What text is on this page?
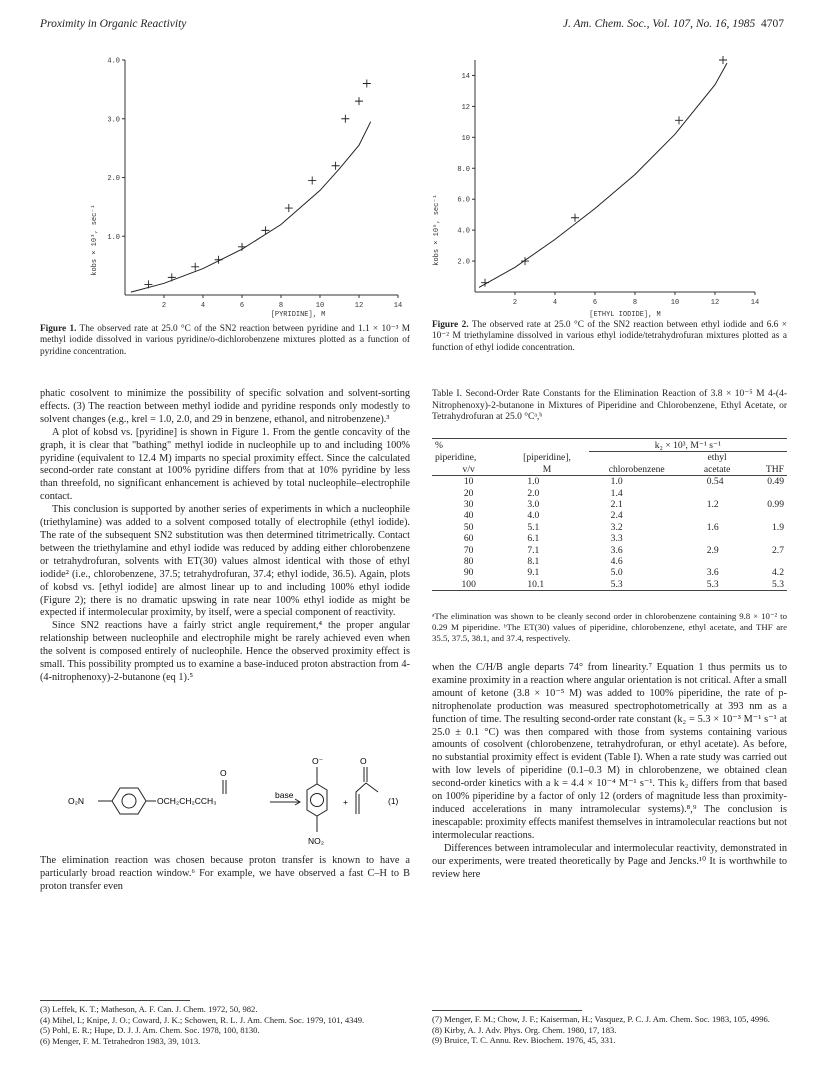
Proximity in Organic Reactivity	J. Am. Chem. Soc., Vol. 107, No. 16, 1985 4707
2	4	6	8	10	12	14
1.0
2.0
3.0
4.0
[PYRIDINE], M
kobs × 10³, sec⁻¹
Figure 1. The observed rate at 25.0 °C of the SN2 reaction between pyridine and 1.1 × 10⁻³ M methyl iodide dissolved in various pyridine/o-dichlorobenzene mixtures plotted as a function of pyridine concentration.
2	4	6	8	10	12	14
2.0
4.0
6.0
8.0
10
12
14
[ETHYL IODIDE], M
kobs × 10⁵, sec⁻¹
Figure 2. The observed rate at 25.0 °C of the SN2 reaction between ethyl iodide and 6.6 × 10⁻² M triethylamine dissolved in various ethyl iodide/tetrahydrofuran mixtures plotted as a function of ethyl iodide concentration.

phatic cosolvent to minimize the possibility of specific solvation and solvent-sorting effects. (3) The reaction between methyl iodide and pyridine responds only modestly to solvent changes (e.g., krel = 1.0, 2.0, and 29 in benzene, ethanol, and nitrobenzene).³

A plot of kobsd vs. [pyridine] is shown in Figure 1. From the gentle concavity of the graph, it is clear that "bathing" methyl iodide in nucleophile up to and including 100% pyridine (equivalent to 12.4 M) imparts no special proximity effect. Since the calculated second-order rate constant at 100% pyridine differs from that at 10% pyridine by less than threefold, no significant enhancement is achieved by total nucleophile–electrophile contact.

This conclusion is supported by another series of experiments in which a nucleophile (triethylamine) was added to a solvent composed totally of electrophile (ethyl iodide). The rate of the subsequent SN2 substitution was then determined titrimetrically. Contact between the triethylamine and ethyl iodide was reduced by adding either chlorobenzene or tetrahydrofuran, solvents with ET(30) values almost identical with those of ethyl iodide² (i.e., chlorobenzene, 37.5; tetrahydrofuran, 37.4; ethyl iodide, 36.5). Again, plots of kobsd vs. [ethyl iodide] are almost linear up to and including 100% ethyl iodide (Figure 2); there is no dramatic upswing in rate near 100% ethyl iodide as might be expected if intermolecular proximity, by itself, were a special component of reactivity.

Since SN2 reactions have a fairly strict angle requirement,⁴ the proper angular relationship between nucleophile and electrophile might be rarely achieved even when the solvent is composed entirely of nucleophile. Hence the observed proximity effect is small. This possibility prompted us to examine a base-induced proton abstraction from 4-(4-nitrophenoxy)-2-butanone (eq 1).⁵

O₂N	OCH₂CH₂CCH₃
O
base
O⁻
NO₂
+
O
(1)

The elimination reaction was chosen because proton transfer is known to have a particularly broad reaction window.⁶ For example, we have observed a fast C–H to B proton transfer even

(3) Leffek, K. T.; Matheson, A. F. Can. J. Chem. 1972, 50, 982.
(4) Mihel, I.; Knipe, J. O.; Coward, J. K.; Schowen, R. L. J. Am. Chem. Soc. 1979, 101, 4349.
(5) Pohl, E. R.; Hupe, D. J. J. Am. Chem. Soc. 1978, 100, 8130.
(6) Menger, F. M. Tetrahedron 1983, 39, 1013.
Table I. Second-Order Rate Constants for the Elimination Reaction of 3.8 × 10⁻⁵ M 4-(4-Nitrophenoxy)-2-butanone in Mixtures of Piperidine and Chlorobenzene, Ethyl Acetate, or Tetrahydrofuran at 25.0 °Cᵃ,ᵇ
%		k₂ × 10³, M⁻¹ s⁻¹		
piperidine,	[piperidine],		ethyl	
v/v	M	chlorobenzene	acetate	THF
10	1.0	1.0	0.54	0.49
20	2.0	1.4		
30	3.0	2.1	1.2	0.99
40	4.0	2.4		
50	5.1	3.2	1.6	1.9
60	6.1	3.3		
70	7.1	3.6	2.9	2.7
80	8.1	4.6		
90	9.1	5.0	3.6	4.2
100	10.1	5.3	5.3	5.3
ᵃThe elimination was shown to be cleanly second order in chlorobenzene containing 9.8 × 10⁻² to 0.29 M piperidine. ᵇThe ET(30) values of piperidine, chlorobenzene, ethyl acetate, and THF are 35.5, 37.5, 38.1, and 37.4, respectively.

when the C/H/B angle departs 74° from linearity.⁷ Equation 1 thus permits us to examine proximity in a reaction where angular orientation is not critical. After a small amount of ketone (3.8 × 10⁻⁵ M) was added to 100% piperidine, the rate of p-nitrophenolate production was measured spectrophotometrically at 393 nm as a function of time. The resulting second-order rate constant (k₂ = 5.3 × 10⁻³ M⁻¹ s⁻¹ at 25.0 ± 0.1 °C) was then compared with those from systems containing various amounts of cosolvent (chlorobenzene, tetrahydrofuran, or ethyl acetate). As before, no substantial proximity effect is evident (Table I). When a rate study was carried out with low levels of piperidine (0.1–0.3 M) in chlorobenzene, we obtained clean second-order kinetics with a k = 4.4 × 10⁻⁴ M⁻¹ s⁻¹. This k₂ differs from that based on 100% piperidine by a factor of only 12 (orders of magnitude less than proximity-induced accelerations in many intramolecular systems).⁸,⁹ The conclusion is inescapable: proximity effects manifest themselves in intramolecular reactions but not intermolecular reactions.

Differences between intramolecular and intermolecular reactivity, demonstrated in our experiments, were treated theoretically by Page and Jencks.¹⁰ It is worthwhile to review here

(7) Menger, F. M.; Chow, J. F.; Kaiserman, H.; Vasquez, P. C. J. Am. Chem. Soc. 1983, 105, 4996.
(8) Kirby, A. J. Adv. Phys. Org. Chem. 1980, 17, 183.
(9) Bruice, T. C. Annu. Rev. Biochem. 1976, 45, 331.
